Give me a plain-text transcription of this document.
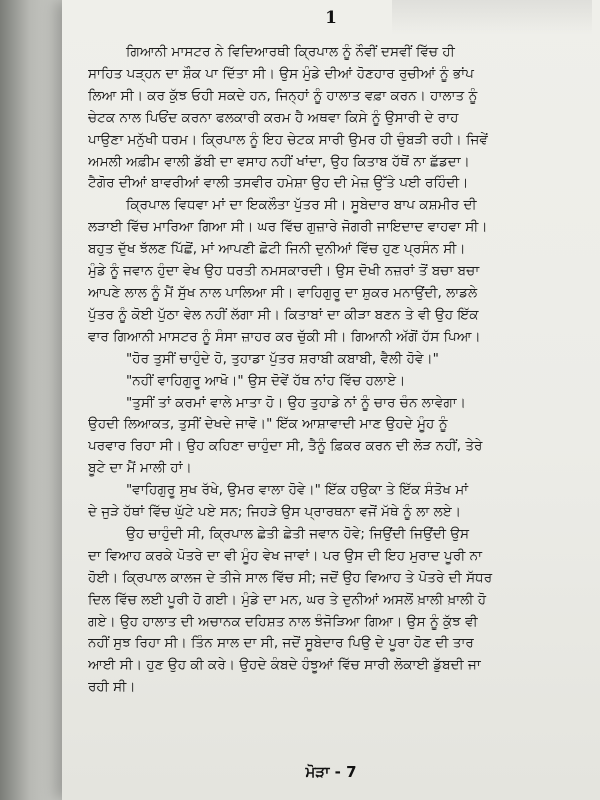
1

ਗਿਆਨੀ ਮਾਸਟਰ ਨੇ ਵਿਦਿਆਰਥੀ ਕ੍ਰਿਪਾਲ ਨੂੰ ਨੌਵੀਂ ਦਸਵੀਂ ਵਿੱਚ ਹੀ
ਸਾਹਿਤ ਪੜ੍ਹਨ ਦਾ ਸ਼ੌਕ ਪਾ ਦਿੱਤਾ ਸੀ। ਉਸ ਮੁੰਡੇ ਦੀਆਂ ਹੋਣਹਾਰ ਰੁਚੀਆਂ ਨੂੰ ਭਾਂਪ
ਲਿਆ ਸੀ। ਕਰ ਕੁੱਝ ਓਹੀ ਸਕਦੇ ਹਨ, ਜਿਨ੍ਹਾਂ ਨੂੰ ਹਾਲਾਤ ਵਫ਼ਾ ਕਰਨ। ਹਾਲਾਤ ਨੂੰ
ਚੇਟਕ ਨਾਲ ਪਿਓਂਦ ਕਰਨਾ ਫਲਕਾਰੀ ਕਰਮ ਹੈ ਅਥਵਾ ਕਿਸੇ ਨੂੰ ਉਸਾਰੀ ਦੇ ਰਾਹ
ਪਾਉਣਾ ਮਨੁੱਖੀ ਧਰਮ। ਕ੍ਰਿਪਾਲ ਨੂੰ ਇਹ ਚੇਟਕ ਸਾਰੀ ਉਮਰ ਹੀ ਚੁੰਬੜੀ ਰਹੀ। ਜਿਵੇਂ
ਅਮਲੀ ਅਫ਼ੀਮ ਵਾਲੀ ਡੱਬੀ ਦਾ ਵਸਾਹ ਨਹੀਂ ਖਾਂਦਾ, ਉਹ ਕਿਤਾਬ ਹੱਥੋਂ ਨਾ ਛੱਡਦਾ।
ਟੈਗੋਰ ਦੀਆਂ ਬਾਵਰੀਆਂ ਵਾਲੀ ਤਸਵੀਰ ਹਮੇਸ਼ਾ ਉਹ ਦੀ ਮੇਜ਼ ਉੱਤੇ ਪਈ ਰਹਿੰਦੀ।

ਕ੍ਰਿਪਾਲ ਵਿਧਵਾ ਮਾਂ ਦਾ ਇਕਲੌਤਾ ਪੁੱਤਰ ਸੀ। ਸੂਬੇਦਾਰ ਬਾਪ ਕਸ਼ਮੀਰ ਦੀ
ਲੜਾਈ ਵਿੱਚ ਮਾਰਿਆ ਗਿਆ ਸੀ। ਘਰ ਵਿੱਚ ਗੁਜ਼ਾਰੇ ਜੋਗਰੀ ਜਾਇਦਾਦ ਵਾਹਵਾ ਸੀ।
ਬਹੁਤ ਦੁੱਖ ਝੱਲਣ ਪਿੱਛੋਂ, ਮਾਂ ਆਪਣੀ ਛੋਟੀ ਜਿਨੀ ਦੁਨੀਆਂ ਵਿੱਚ ਹੁਣ ਪ੍ਰਸੰਨ ਸੀ।
ਮੁੰਡੇ ਨੂੰ ਜਵਾਨ ਹੁੰਦਾ ਵੇਖ ਉਹ ਧਰਤੀ ਨਮਸਕਾਰਦੀ। ਉਸ ਦੋਖੀ ਨਜ਼ਰਾਂ ਤੋਂ ਬਚਾ ਬਚਾ
ਆਪਣੇ ਲਾਲ ਨੂੰ ਮੈਂ ਸੁੱਖ ਨਾਲ ਪਾਲਿਆ ਸੀ। ਵਾਹਿਗੁਰੂ ਦਾ ਸ਼ੁਕਰ ਮਨਾਉਂਦੀ, ਲਾਡਲੇ
ਪੁੱਤਰ ਨੂੰ ਕੋਈ ਪੁੱਠਾ ਵੇਲ ਨਹੀਂ ਲੱਗਾ ਸੀ। ਕਿਤਾਬਾਂ ਦਾ ਕੀੜਾ ਬਣਨ ਤੇ ਵੀ ਉਹ ਇੱਕ
ਵਾਰ ਗਿਆਨੀ ਮਾਸਟਰ ਨੂੰ ਸੰਸਾ ਜ਼ਾਹਰ ਕਰ ਚੁੱਕੀ ਸੀ। ਗਿਆਨੀ ਅੱਗੋਂ ਹੱਸ ਪਿਆ।

"ਹੋਰ ਤੁਸੀਂ ਚਾਹੁੰਦੇ ਹੋ, ਤੁਹਾਡਾ ਪੁੱਤਰ ਸ਼ਰਾਬੀ ਕਬਾਬੀ, ਵੈਲੀ ਹੋਵੇ।"

"ਨਹੀਂ ਵਾਹਿਗੁਰੂ ਆਖੋ।" ਉਸ ਦੋਵੇਂ ਹੱਥ ਨਾਂਹ ਵਿੱਚ ਹਲਾਏ।

"ਤੁਸੀਂ ਤਾਂ ਕਰਮਾਂ ਵਾਲੇ ਮਾਤਾ ਹੋ। ਉਹ ਤੁਹਾਡੇ ਨਾਂ ਨੂੰ ਚਾਰ ਚੰਨ ਲਾਵੇਗਾ।
ਉਹਦੀ ਲਿਆਕਤ, ਤੁਸੀਂ ਦੇਖਦੇ ਜਾਵੋ।" ਇੱਕ ਆਸ਼ਾਵਾਦੀ ਮਾਣ ਉਹਦੇ ਮੂੰਹ ਨੂੰ
ਪਰਵਾਰ ਰਿਹਾ ਸੀ। ਉਹ ਕਹਿਣਾ ਚਾਹੁੰਦਾ ਸੀ, ਤੈਨੂੰ ਫ਼ਿਕਰ ਕਰਨ ਦੀ ਲੋੜ ਨਹੀਂ, ਤੇਰੇ
ਬੂਟੇ ਦਾ ਮੈਂ ਮਾਲੀ ਹਾਂ।

"ਵਾਹਿਗੁਰੂ ਸੁਖ ਰੱਖੇ, ਉਮਰ ਵਾਲਾ ਹੋਵੇ।" ਇੱਕ ਹਉਕਾ ਤੇ ਇੱਕ ਸੰਤੋਖ ਮਾਂ
ਦੇ ਜੁੜੇ ਹੱਥਾਂ ਵਿੱਚ ਘੁੱਟੇ ਪਏ ਸਨ; ਜਿਹੜੇ ਉਸ ਪ੍ਰਾਰਥਨਾ ਵਜੋਂ ਮੱਥੇ ਨੂੰ ਲਾ ਲਏ।

ਉਹ ਚਾਹੁੰਦੀ ਸੀ, ਕ੍ਰਿਪਾਲ ਛੇਤੀ ਛੇਤੀ ਜਵਾਨ ਹੋਵੇ; ਜਿਉਂਦੀ ਜਿਉਂਦੀ ਉਸ
ਦਾ ਵਿਆਹ ਕਰਕੇ ਪੋਤਰੇ ਦਾ ਵੀ ਮੂੰਹ ਵੇਖ ਜਾਵਾਂ। ਪਰ ਉਸ ਦੀ ਇਹ ਮੁਰਾਦ ਪੂਰੀ ਨਾ
ਹੋਈ। ਕ੍ਰਿਪਾਲ ਕਾਲਜ ਦੇ ਤੀਜੇ ਸਾਲ ਵਿੱਚ ਸੀ; ਜਦੋਂ ਉਹ ਵਿਆਹ ਤੇ ਪੋਤਰੇ ਦੀ ਸੱਧਰ
ਦਿਲ ਵਿੱਚ ਲਈ ਪੂਰੀ ਹੋ ਗਈ। ਮੁੰਡੇ ਦਾ ਮਨ, ਘਰ ਤੇ ਦੁਨੀਆਂ ਅਸਲੋਂ ਖ਼ਾਲੀ ਖ਼ਾਲੀ ਹੋ
ਗਏ। ਉਹ ਹਾਲਾਤ ਦੀ ਅਚਾਨਕ ਦਹਿਸ਼ਤ ਨਾਲ ਝੰਜੋੜਿਆ ਗਿਆ। ਉਸ ਨੂੰ ਕੁੱਝ ਵੀ
ਨਹੀਂ ਸੁਝ ਰਿਹਾ ਸੀ। ਤਿੰਨ ਸਾਲ ਦਾ ਸੀ, ਜਦੋਂ ਸੂਬੇਦਾਰ ਪਿਉ ਦੇ ਪੂਰਾ ਹੋਣ ਦੀ ਤਾਰ
ਆਈ ਸੀ। ਹੁਣ ਉਹ ਕੀ ਕਰੇ। ਉਹਦੇ ਕੰਬਦੇ ਹੰਝੂਆਂ ਵਿੱਚ ਸਾਰੀ ਲੋਕਾਈ ਡੁੱਬਦੀ ਜਾ
ਰਹੀ ਸੀ।

ਮੋੜਾ - 7
